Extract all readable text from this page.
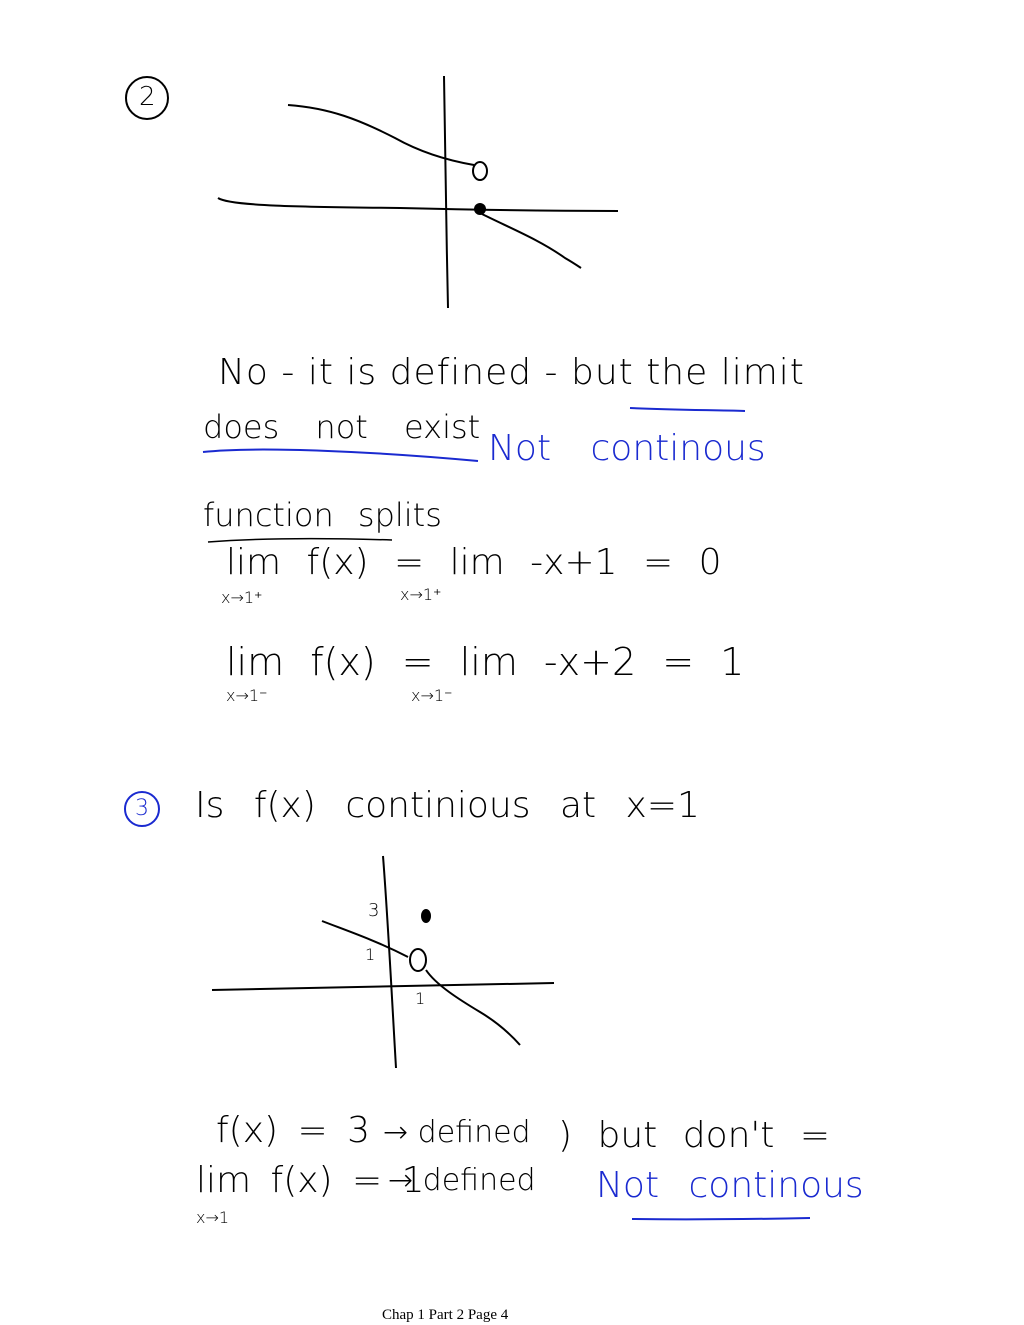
2
No - it is defined - but the limit
does not exist
Not continous
function splits
lim f(x) = lim -x+1 = 0
x→1⁺	x→1⁺
lim f(x) = lim -x+2 = 1
x→1⁻	x→1⁻
3 Is f(x) continious at x=1
3
1
1
f(x) = 3 → defined
lim f(x) = 1
x→1
→ defined
) but don't =
Not continous
Chap 1 Part 2 Page 4
